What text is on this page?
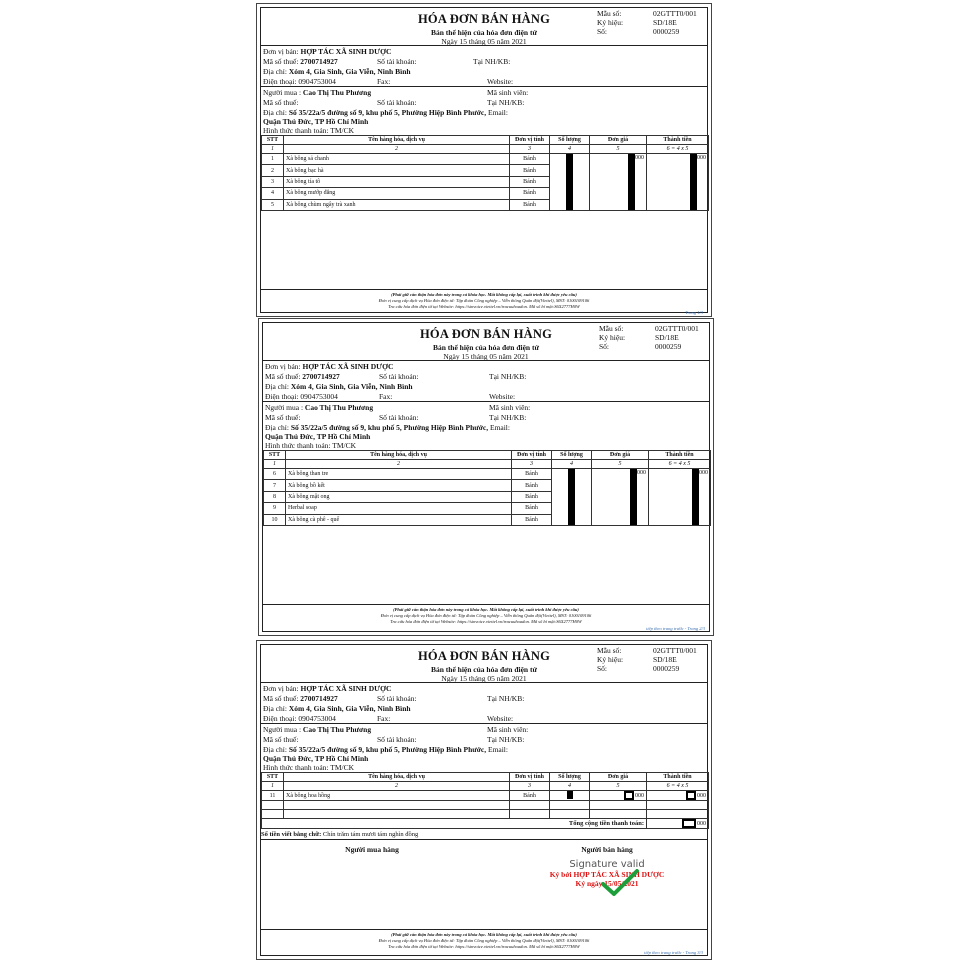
HÓA ĐƠN BÁN HÀNG
Bản thể hiện của hóa đơn điện tử
Ngày 15 tháng 05 năm 2021
Mẫu số:	02GTTT0/001
Ký hiệu:	SD/18E
Số:	0000259
Đơn vị bán: HỢP TÁC XÃ SINH DƯỢC
Mã số thuế: 2700714927	Số tài khoản:	Tại NH/KB:
Địa chỉ: Xóm 4, Gia Sinh, Gia Viễn, Ninh Bình
Điện thoại: 0904753004	Fax:	Website:
Người mua : Cao Thị Thu Phương	Mã sinh viên:
Mã số thuế:	Số tài khoản:	Tại NH/KB:
Địa chỉ: Số 35/22a/5 đường số 9, khu phố 5, Phường Hiệp Bình Phước, Email:
Quận Thủ Đức, TP Hồ Chí Minh
Hình thức thanh toán: TM/CK
STT	Tên hàng hóa, dịch vụ	Đơn vị tính	Số lượng	Đơn giá	Thành tiền
1	2	3	4	5	6 = 4 x 5
1	Xà bông sả chanh	Bánh		000	000
2	Xà bông bạc hà	Bánh			
3	Xà bông tía tô	Bánh			
4	Xà bông mướp đắng	Bánh			
5	Xà bông chùm ngây trà xanh	Bánh			
(Phải giữ cẩn thận hóa đơn này trong cả khóa học. Mất không cấp lại, xuất trình khi được yêu cầu)
Đơn vị cung cấp dịch vụ Hóa đơn điện tử: Tập đoàn Công nghiệp – Viễn thông Quân đội(Viettel), MST: 0100109106
Tra cứu hóa đơn điện tử tại Website: https://sinvoice.viettel.vn/tracuuhoadon. Mã số bí mật:S6X2777H0W
Trang 1/3
HÓA ĐƠN BÁN HÀNG
Bản thể hiện của hóa đơn điện tử
Ngày 15 tháng 05 năm 2021
Mẫu số:	02GTTT0/001
Ký hiệu:	SD/18E
Số:	0000259
Đơn vị bán: HỢP TÁC XÃ SINH DƯỢC
Mã số thuế: 2700714927	Số tài khoản:	Tại NH/KB:
Địa chỉ: Xóm 4, Gia Sinh, Gia Viễn, Ninh Bình
Điện thoại: 0904753004	Fax:	Website:
Người mua : Cao Thị Thu Phương	Mã sinh viên:
Mã số thuế:	Số tài khoản:	Tại NH/KB:
Địa chỉ: Số 35/22a/5 đường số 9, khu phố 5, Phường Hiệp Bình Phước, Email:
Quận Thủ Đức, TP Hồ Chí Minh
Hình thức thanh toán: TM/CK
STT	Tên hàng hóa, dịch vụ	Đơn vị tính	Số lượng	Đơn giá	Thành tiền
1	2	3	4	5	6 = 4 x 5
6	Xà bông than tre	Bánh		000	000
7	Xà bông bồ kết	Bánh			
8	Xà bông mật ong	Bánh			
9	Herbal soap	Bánh			
10	Xà bông cà phê - quế	Bánh			
(Phải giữ cẩn thận hóa đơn này trong cả khóa học. Mất không cấp lại, xuất trình khi được yêu cầu)
Đơn vị cung cấp dịch vụ Hóa đơn điện tử: Tập đoàn Công nghiệp – Viễn thông Quân đội(Viettel), MST: 0100109106
Tra cứu hóa đơn điện tử tại Website: https://sinvoice.viettel.vn/tracuuhoadon. Mã số bí mật:S6X2777H0W
tiếp theo trang trước - Trang 2/3
HÓA ĐƠN BÁN HÀNG
Bản thể hiện của hóa đơn điện tử
Ngày 15 tháng 05 năm 2021
Mẫu số:	02GTTT0/001
Ký hiệu:	SD/18E
Số:	0000259
Đơn vị bán: HỢP TÁC XÃ SINH DƯỢC
Mã số thuế: 2700714927	Số tài khoản:	Tại NH/KB:
Địa chỉ: Xóm 4, Gia Sinh, Gia Viễn, Ninh Bình
Điện thoại: 0904753004	Fax:	Website:
Người mua : Cao Thị Thu Phương	Mã sinh viên:
Mã số thuế:	Số tài khoản:	Tại NH/KB:
Địa chỉ: Số 35/22a/5 đường số 9, khu phố 5, Phường Hiệp Bình Phước, Email:
Quận Thủ Đức, TP Hồ Chí Minh
Hình thức thanh toán: TM/CK
STT	Tên hàng hóa, dịch vụ	Đơn vị tính	Số lượng	Đơn giá	Thành tiền
1	2	3	4	5	6 = 4 x 5
11	Xà bông hoa hồng	Bánh		000	000

Tổng cộng tiền thanh toán:					000
Số tiền viết bằng chữ: Chín trăm tám mươi tám nghìn đồng
Người mua hàng	Người bán hàng
Signature valid
Ký bởi HỢP TÁC XÃ SINH DƯỢC
Ký ngày 15/05/2021
(Phải giữ cẩn thận hóa đơn này trong cả khóa học. Mất không cấp lại, xuất trình khi được yêu cầu)
Đơn vị cung cấp dịch vụ Hóa đơn điện tử: Tập đoàn Công nghiệp – Viễn thông Quân đội(Viettel), MST: 0100109106
Tra cứu hóa đơn điện tử tại Website: https://sinvoice.viettel.vn/tracuuhoadon. Mã số bí mật:S6X2777H0W
tiếp theo trang trước - Trang 3/3
